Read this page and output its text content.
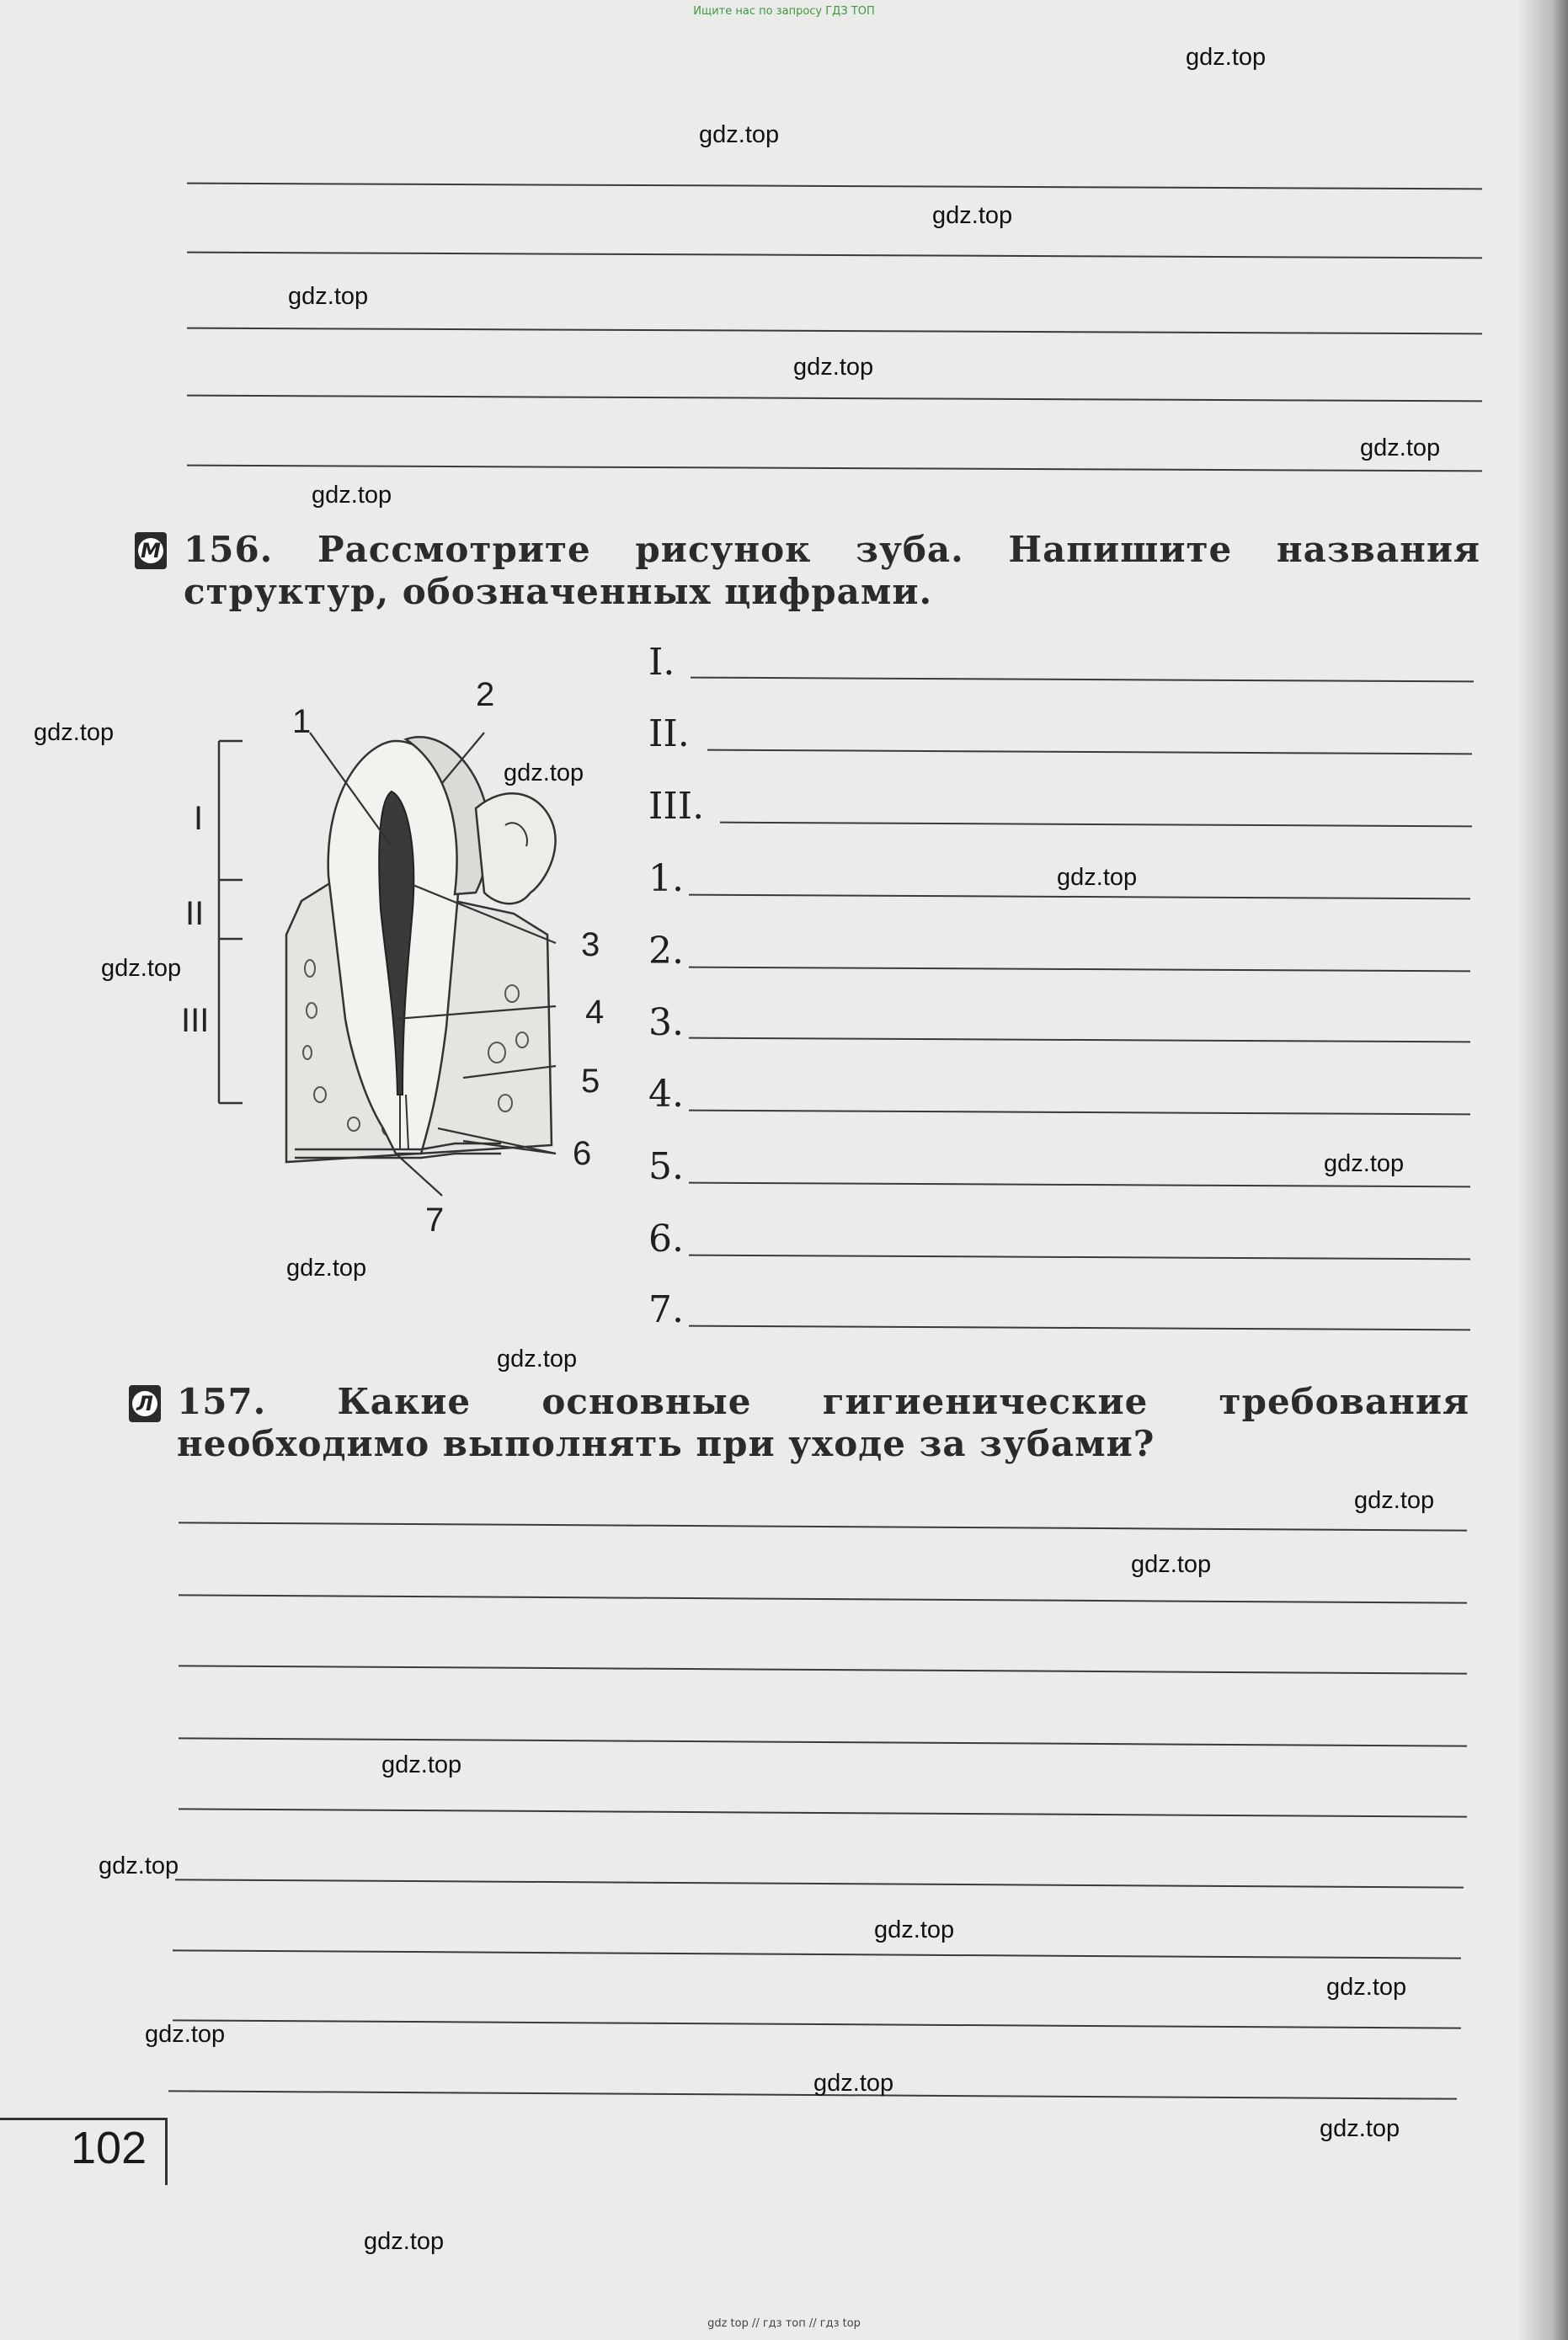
Ищите нас по запросу ГДЗ ТОП
М 156. Рассмотрите рисунок зуба. Напишите названия структур, обозначенных цифрами.
I
II
III
1
2
3
4
5
6
7
I.
II.
III.
1.
2.
3.
4.
5.
6.
7.
Л 157. Какие основные гигиенические требования необходимо выполнять при уходе за зубами?
102
gdz.top
gdz.top
gdz.top
gdz.top
gdz.top
gdz.top
gdz.top
gdz.top
gdz.top
gdz.top
gdz.top
gdz.top
gdz.top
gdz.top
gdz.top
gdz.top
gdz.top
gdz.top
gdz.top
gdz.top
gdz.top
gdz.top
gdz.top
gdz.top
gdz top // гдз топ // гдз top
